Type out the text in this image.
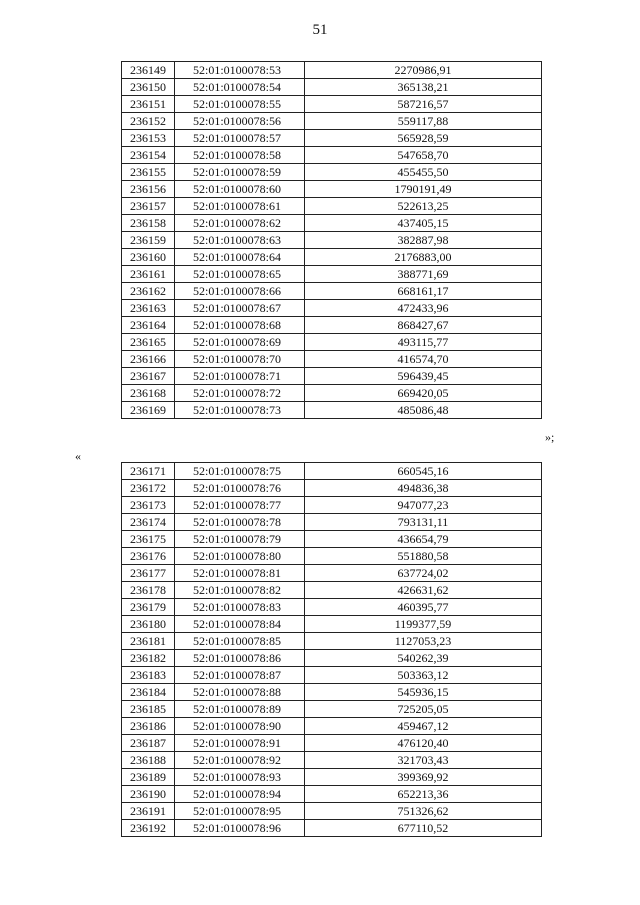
51
236149	52:01:0100078:53	2270986,91
236150	52:01:0100078:54	365138,21
236151	52:01:0100078:55	587216,57
236152	52:01:0100078:56	559117,88
236153	52:01:0100078:57	565928,59
236154	52:01:0100078:58	547658,70
236155	52:01:0100078:59	455455,50
236156	52:01:0100078:60	1790191,49
236157	52:01:0100078:61	522613,25
236158	52:01:0100078:62	437405,15
236159	52:01:0100078:63	382887,98
236160	52:01:0100078:64	2176883,00
236161	52:01:0100078:65	388771,69
236162	52:01:0100078:66	668161,17
236163	52:01:0100078:67	472433,96
236164	52:01:0100078:68	868427,67
236165	52:01:0100078:69	493115,77
236166	52:01:0100078:70	416574,70
236167	52:01:0100078:71	596439,45
236168	52:01:0100078:72	669420,05
236169	52:01:0100078:73	485086,48
»;
«
236171	52:01:0100078:75	660545,16
236172	52:01:0100078:76	494836,38
236173	52:01:0100078:77	947077,23
236174	52:01:0100078:78	793131,11
236175	52:01:0100078:79	436654,79
236176	52:01:0100078:80	551880,58
236177	52:01:0100078:81	637724,02
236178	52:01:0100078:82	426631,62
236179	52:01:0100078:83	460395,77
236180	52:01:0100078:84	1199377,59
236181	52:01:0100078:85	1127053,23
236182	52:01:0100078:86	540262,39
236183	52:01:0100078:87	503363,12
236184	52:01:0100078:88	545936,15
236185	52:01:0100078:89	725205,05
236186	52:01:0100078:90	459467,12
236187	52:01:0100078:91	476120,40
236188	52:01:0100078:92	321703,43
236189	52:01:0100078:93	399369,92
236190	52:01:0100078:94	652213,36
236191	52:01:0100078:95	751326,62
236192	52:01:0100078:96	677110,52
